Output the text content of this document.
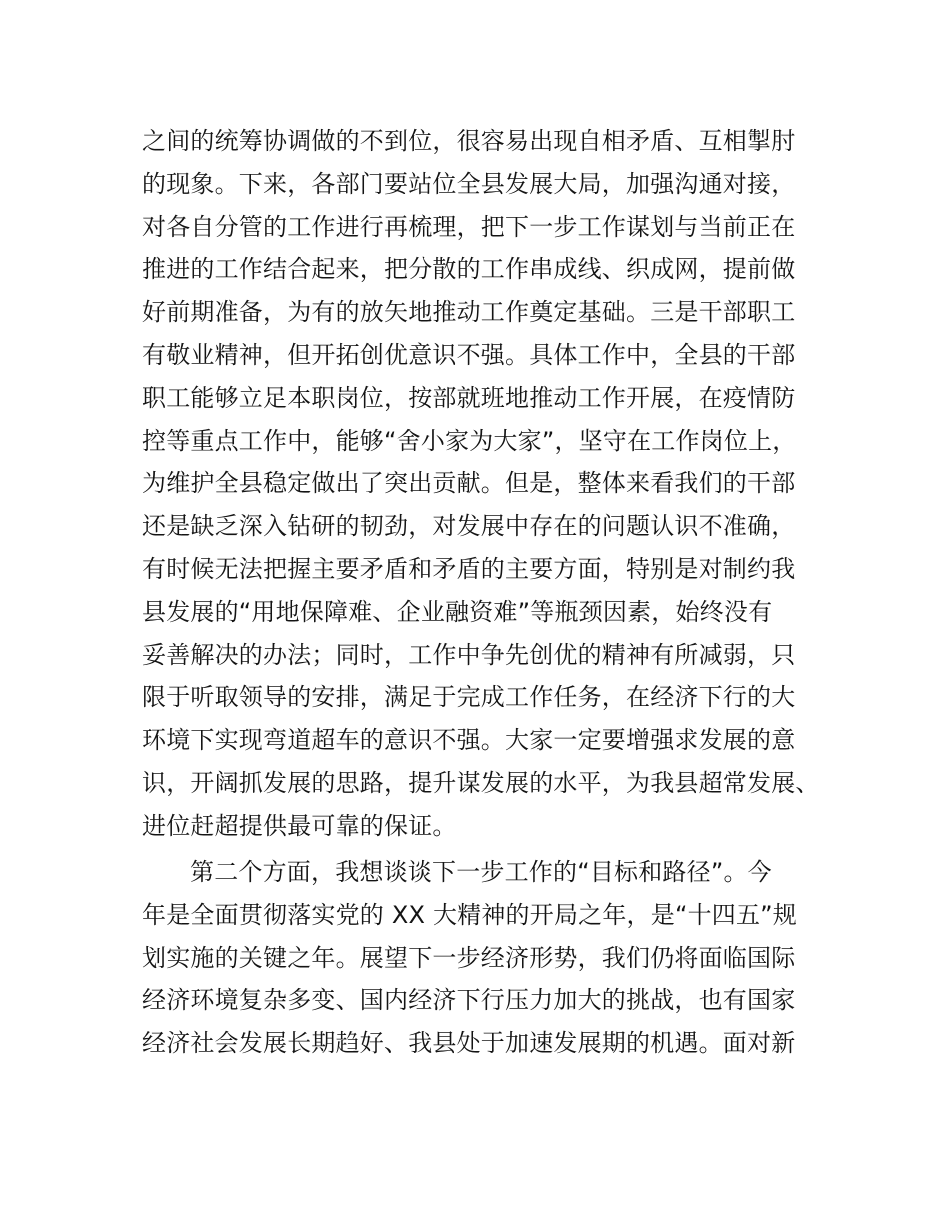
之间的统筹协调做的不到位，很容易出现自相矛盾、互相掣肘
的现象。下来，各部门要站位全县发展大局，加强沟通对接，
对各自分管的工作进行再梳理，把下一步工作谋划与当前正在
推进的工作结合起来，把分散的工作串成线、织成网，提前做
好前期准备，为有的放矢地推动工作奠定基础。三是干部职工
有敬业精神，但开拓创优意识不强。具体工作中，全县的干部
职工能够立足本职岗位，按部就班地推动工作开展，在疫情防
控等重点工作中，能够“舍小家为大家”，坚守在工作岗位上，
为维护全县稳定做出了突出贡献。但是，整体来看我们的干部
还是缺乏深入钻研的韧劲，对发展中存在的问题认识不准确，
有时候无法把握主要矛盾和矛盾的主要方面，特别是对制约我
县发展的“用地保障难、企业融资难”等瓶颈因素，始终没有
妥善解决的办法；同时，工作中争先创优的精神有所减弱，只
限于听取领导的安排，满足于完成工作任务，在经济下行的大
环境下实现弯道超车的意识不强。大家一定要增强求发展的意
识，开阔抓发展的思路，提升谋发展的水平，为我县超常发展、
进位赶超提供最可靠的保证。
第二个方面，我想谈谈下一步工作的“目标和路径”。今
年是全面贯彻落实党的 XX 大精神的开局之年，是“十四五”规
划实施的关键之年。展望下一步经济形势，我们仍将面临国际
经济环境复杂多变、国内经济下行压力加大的挑战，也有国家
经济社会发展长期趋好、我县处于加速发展期的机遇。面对新
